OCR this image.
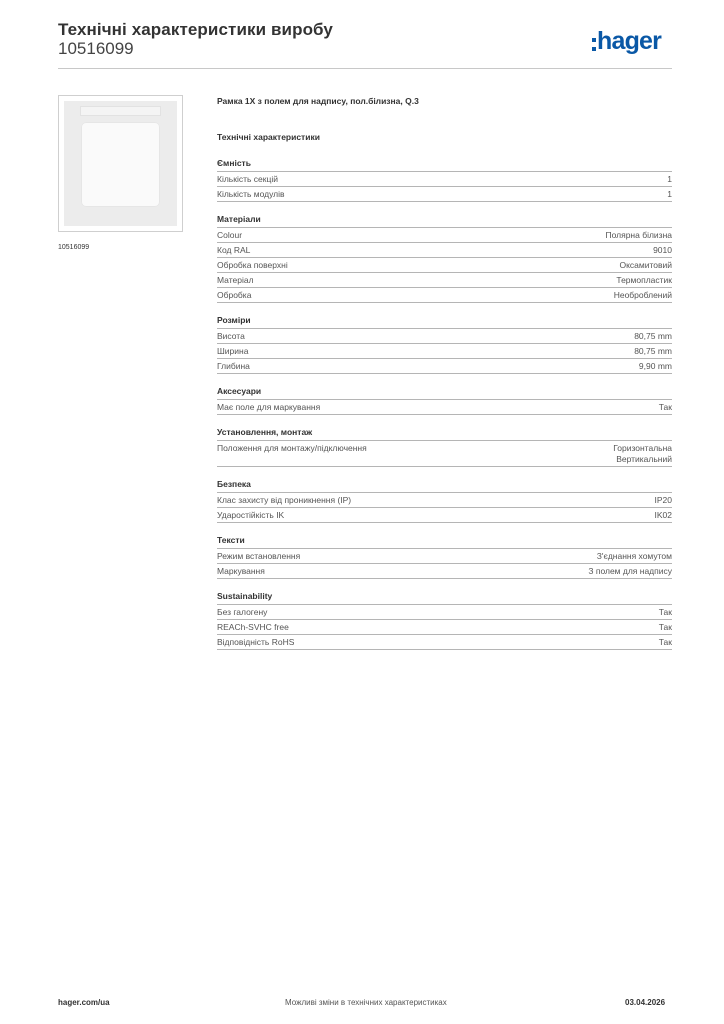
Технічні характеристики виробу
10516099	hager
10516099
Рамка 1X з полем для надпису, пол.білизна, Q.3
Технічні характеристики
Ємність
Кількість секцій	1
Кількість модулів	1
Матеріали
Colour	Полярна білизна
Код RAL	9010
Обробка поверхні	Оксамитовий
Матеріал	Термопластик
Обробка	Необроблений
Розміри
Висота	80,75 mm
Ширина	80,75 mm
Глибина	9,90 mm
Аксесуари
Має поле для маркування	Так
Установлення, монтаж
Положення для монтажу/підключення	Горизонтальна
Вертикальний
Безпека
Клас захисту від проникнення (IP)	IP20
Ударостійкість IK	IK02
Тексти
Режим встановлення	З'єднання хомутом
Маркування	З полем для надпису
Sustainability
Без галогену	Так
REACh-SVHC free	Так
Відповідність RoHS	Так
hager.com/ua	Можливі зміни в технічних характеристиках	03.04.2026
